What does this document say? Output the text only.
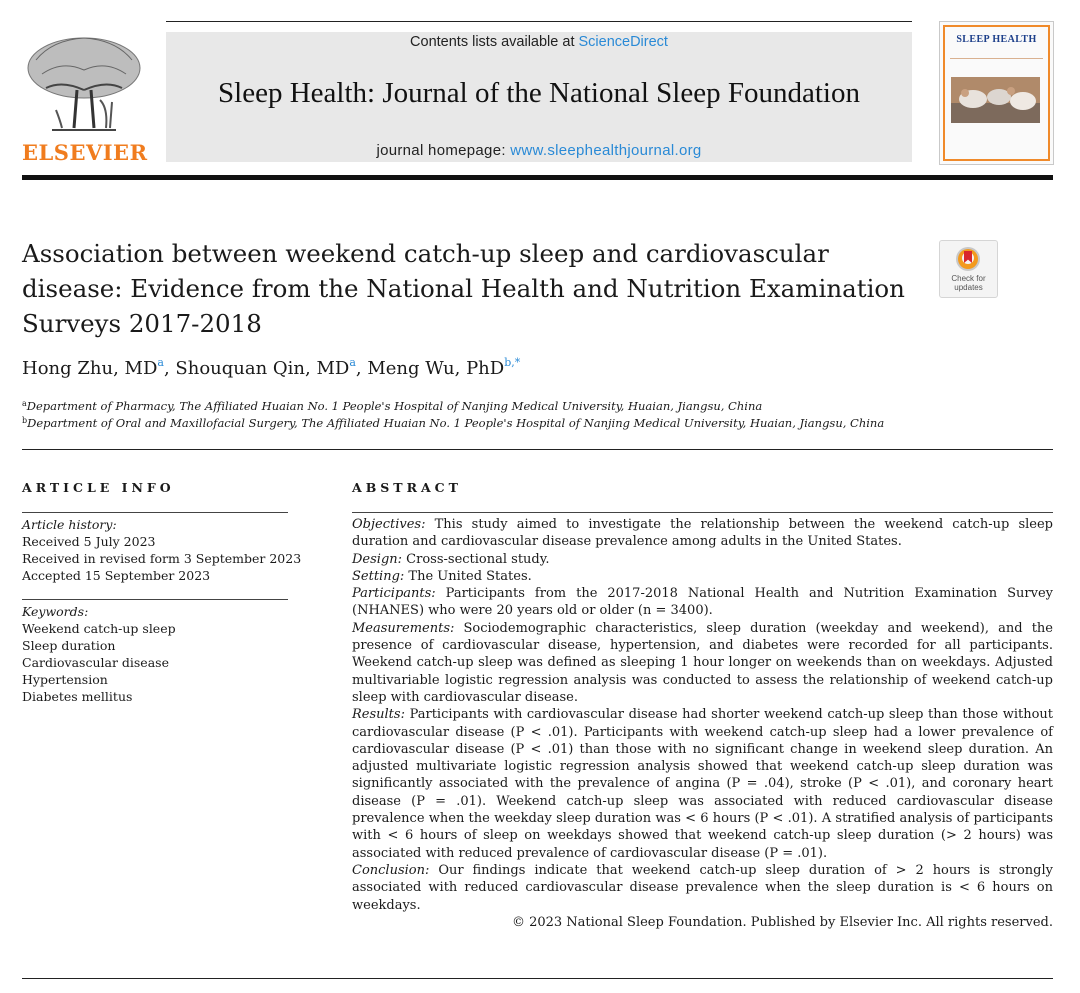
ELSEVIER
Contents lists available at ScienceDirect
Sleep Health: Journal of the National Sleep Foundation
journal homepage: www.sleephealthjournal.org
SLEEP HEALTH
Association between weekend catch-up sleep and cardiovascular disease: Evidence from the National Health and Nutrition Examination Surveys 2017-2018
Check for updates
Hong Zhu, $MD^a$, Shouquan Qin, $MD^a$, Meng Wu, PhD$^{b,*}$
$^a$Department of Pharmacy, The Affiliated Huaian No. 1 People's Hospital of Nanjing Medical University, Huaian, Jiangsu, China
$^b$Department of Oral and Maxillofacial Surgery, The Affiliated Huaian No. 1 People's Hospital of Nanjing Medical University, Huaian, Jiangsu, China
ARTICLE INFO
Article history:
Received 5 July 2023
Received in revised form 3 September 2023
Accepted 15 September 2023
Keywords:
Weekend catch-up sleep
Sleep duration
Cardiovascular disease
Hypertension
Diabetes mellitus
ABSTRACT

Objectives: This study aimed to investigate the relationship between the weekend catch-up sleep duration and cardiovascular disease prevalence among adults in the United States.

Design: Cross-sectional study.

Setting: The United States.

Participants: Participants from the 2017-2018 National Health and Nutrition Examination Survey (NHANES) who were 20 years old or older (n = 3400).

Measurements: Sociodemographic characteristics, sleep duration (weekday and weekend), and the presence of cardiovascular disease, hypertension, and diabetes were recorded for all participants. Weekend catch-up sleep was defined as sleeping 1 hour longer on weekends than on weekdays. Adjusted multivariable logistic regression analysis was conducted to assess the relationship of weekend catch-up sleep with cardiovascular disease.

Results: Participants with cardiovascular disease had shorter weekend catch-up sleep than those without cardiovascular disease (P < .01). Participants with weekend catch-up sleep had a lower prevalence of cardiovascular disease (P < .01) than those with no significant change in weekend sleep duration. An adjusted multivariate logistic regression analysis showed that weekend catch-up sleep duration was significantly associated with the prevalence of angina (P = .04), stroke (P < .01), and coronary heart disease (P = .01). Weekend catch-up sleep was associated with reduced cardiovascular disease prevalence when the weekday sleep duration was < 6 hours (P < .01). A stratified analysis of participants with < 6 hours of sleep on weekdays showed that weekend catch-up sleep duration (> 2 hours) was associated with reduced prevalence of cardiovascular disease (P = .01).

Conclusion: Our findings indicate that weekend catch-up sleep duration of > 2 hours is strongly associated with reduced cardiovascular disease prevalence when the sleep duration is < 6 hours on weekdays.

© 2023 National Sleep Foundation. Published by Elsevier Inc. All rights reserved.
